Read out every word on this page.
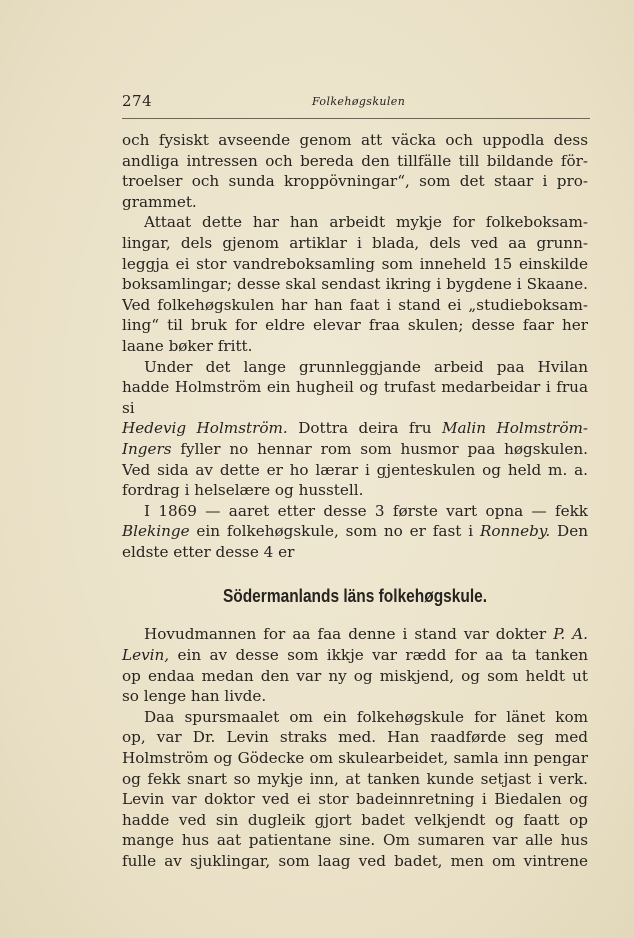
274	Folkehøgskulen

och fysiskt avseende genom att väcka och uppodla dess

andliga intressen och bereda den tillfälle till bildande för-

troelser och sunda kroppövningar“, som det staar i pro-

grammet.

Attaat dette har han arbeidt mykje for folkeboksam-

lingar, dels gjenom artiklar i blada, dels ved aa grunn-

leggja ei stor vandreboksamling som inneheld 15 einskilde

boksamlingar; desse skal sendast ikring i bygdene i Skaane.

Ved folkehøgskulen har han faat i stand ei „studieboksam-

ling“ til bruk for eldre elevar fraa skulen; desse faar her

laane bøker fritt.

Under det lange grunnleggjande arbeid paa Hvilan

hadde Holmström ein hugheil og trufast medarbeidar i frua si

Hedevig Holmström. Dottra deira fru Malin Holmström-

Ingers fyller no hennar rom som husmor paa høgskulen.

Ved sida av dette er ho lærar i gjenteskulen og held m. a.

fordrag i helselære og husstell.

I 1869 — aaret etter desse 3 første vart opna — fekk

Blekinge ein folkehøgskule, som no er fast i Ronneby. Den

eldste etter desse 4 er

Södermanlands läns folkehøgskule.

Hovudmannen for aa faa denne i stand var dokter P. A.

Levin, ein av desse som ikkje var rædd for aa ta tanken

op endaa medan den var ny og miskjend, og som heldt ut

so lenge han livde.

Daa spursmaalet om ein folkehøgskule for länet kom

op, var Dr. Levin straks med. Han raadførde seg med

Holmström og Gödecke om skulearbeidet, samla inn pengar

og fekk snart so mykje inn, at tanken kunde setjast i verk.

Levin var doktor ved ei stor badeinnretning i Biedalen og

hadde ved sin dugleik gjort badet velkjendt og faatt op

mange hus aat patientane sine. Om sumaren var alle hus

fulle av sjuklingar, som laag ved badet, men om vintrene
